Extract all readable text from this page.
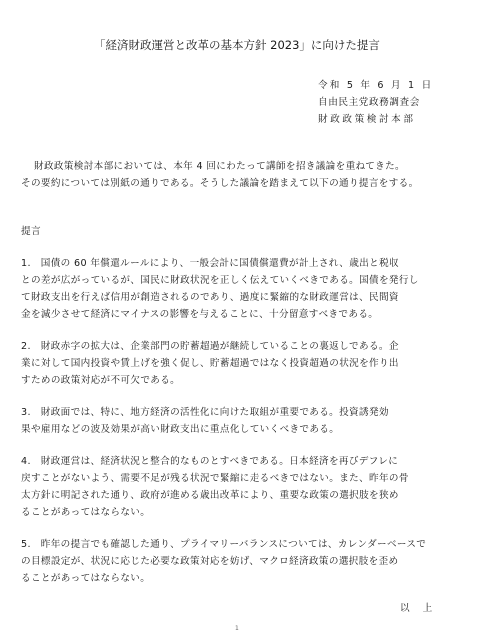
「経済財政運営と改革の基本方針 2023」に向けた提言

令和 5 年 6 月 1 日

自由民主党政務調査会

財政政策検討本部

財政政策検討本部においては、本年 4 回にわたって講師を招き議論を重ねてきた。

その要約については別紙の通りである。そうした議論を踏まえて以下の通り提言をする。

提言

1.　国債の 60 年償還ルールにより、一般会計に国債償還費が計上され、歳出と税収

との差が広がっているが、国民に財政状況を正しく伝えていくべきである。国債を発行し

て財政支出を行えば信用が創造されるのであり、過度に緊縮的な財政運営は、民間資

金を減少させて経済にマイナスの影響を与えることに、十分留意すべきである。

2.　財政赤字の拡大は、企業部門の貯蓄超過が継続していることの裏返しである。企

業に対して国内投資や賃上げを強く促し、貯蓄超過ではなく投資超過の状況を作り出

すための政策対応が不可欠である。

3.　財政面では、特に、地方経済の活性化に向けた取組が重要である。投資誘発効

果や雇用などの波及効果が高い財政支出に重点化していくべきである。

4.　財政運営は、経済状況と整合的なものとすべきである。日本経済を再びデフレに

戻すことがないよう、需要不足が残る状況で緊縮に走るべきではない。また、昨年の骨

太方針に明記された通り、政府が進める歳出改革により、重要な政策の選択肢を狭め

ることがあってはならない。

5.　昨年の提言でも確認した通り、プライマリーバランスについては、カレンダーベースで

の目標設定が、状況に応じた必要な政策対応を妨げ、マクロ経済政策の選択肢を歪め

ることがあってはならない。

以 上

1
